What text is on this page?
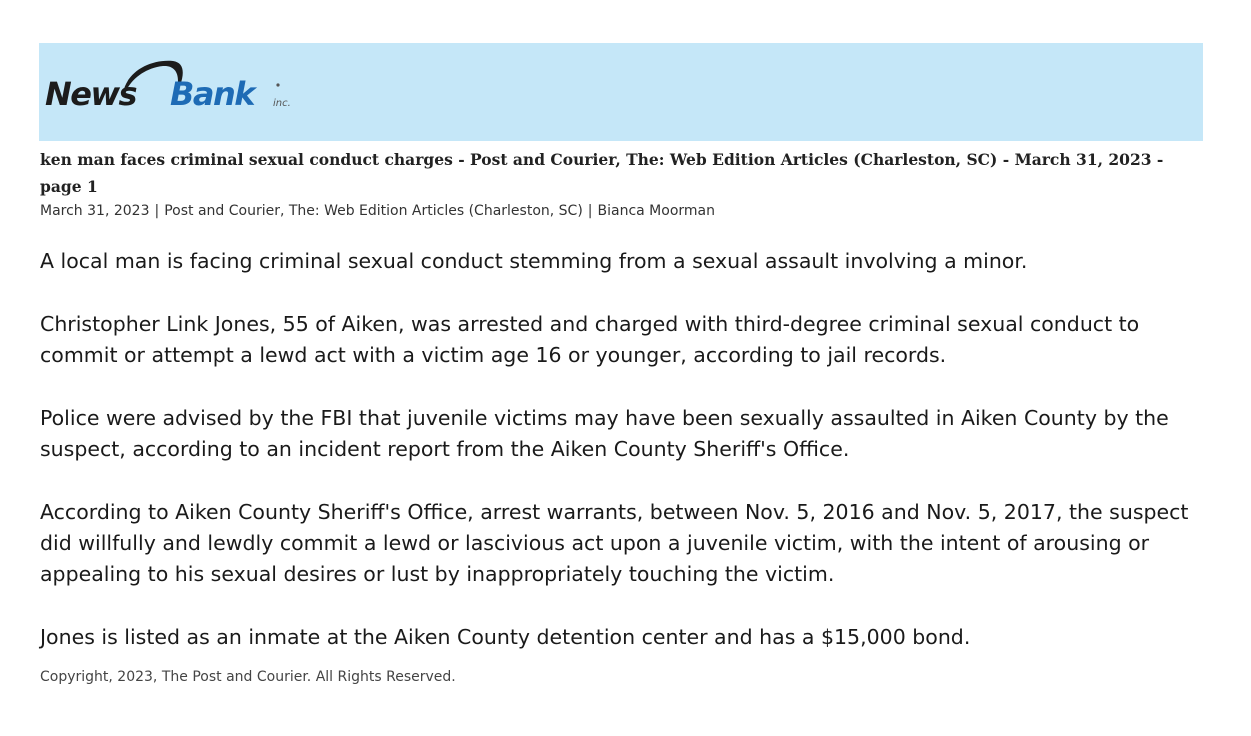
News Bank	inc.
ken man faces criminal sexual conduct charges - Post and Courier, The: Web Edition Articles (Charleston, SC) - March 31, 2023 - page 1
March 31, 2023 | Post and Courier, The: Web Edition Articles (Charleston, SC) | Bianca Moorman

A local man is facing criminal sexual conduct stemming from a sexual assault involving a minor.

Christopher Link Jones, 55 of Aiken, was arrested and charged with third-degree criminal sexual conduct to commit or attempt a lewd act with a victim age 16 or younger, according to jail records.

Police were advised by the FBI that juvenile victims may have been sexually assaulted in Aiken County by the suspect, according to an incident report from the Aiken County Sheriff's Office.

According to Aiken County Sheriff's Office, arrest warrants, between Nov. 5, 2016 and Nov. 5, 2017, the suspect did willfully and lewdly commit a lewd or lascivious act upon a juvenile victim, with the intent of arousing or appealing to his sexual desires or lust by inappropriately touching the victim.

Jones is listed as an inmate at the Aiken County detention center and has a $15,000 bond.

Copyright, 2023, The Post and Courier. All Rights Reserved.
